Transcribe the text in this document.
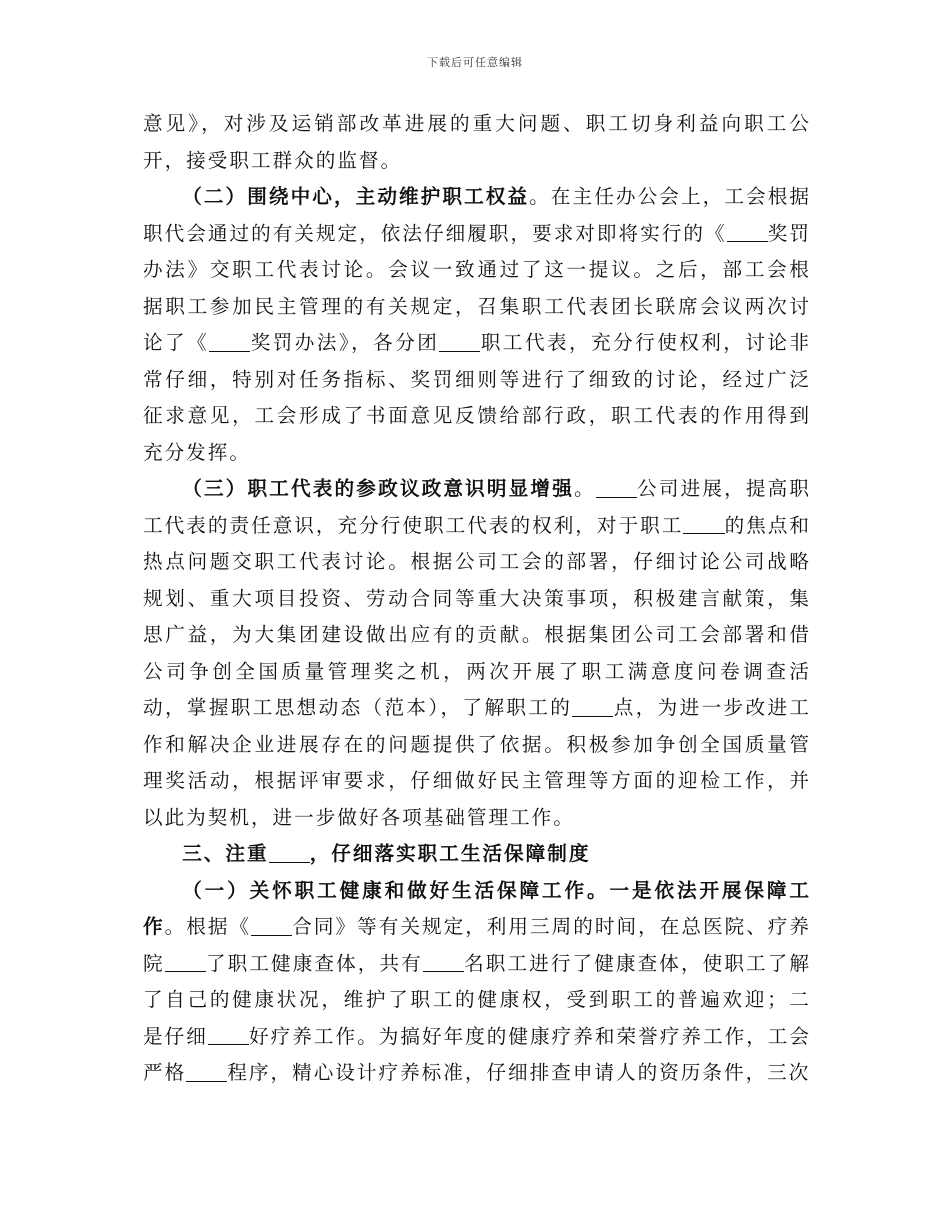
下载后可任意编辑

意见》，对涉及运销部改革进展的重大问题、职工切身利益向职工公开，接受职工群众的监督。

（二）围绕中心，主动维护职工权益。在主任办公会上，工会根据职代会通过的有关规定，依法仔细履职，要求对即将实行的《 奖罚办法》交职工代表讨论。会议一致通过了这一提议。之后，部工会根据职工参加民主管理的有关规定，召集职工代表团长联席会议两次讨论了《 奖罚办法》，各分团 职工代表，充分行使权利，讨论非常仔细，特别对任务指标、奖罚细则等进行了细致的讨论，经过广泛征求意见，工会形成了书面意见反馈给部行政，职工代表的作用得到充分发挥。

（三）职工代表的参政议政意识明显增强。 公司进展，提高职工代表的责任意识，充分行使职工代表的权利，对于职工 的焦点和热点问题交职工代表讨论。根据公司工会的部署，仔细讨论公司战略规划、重大项目投资、劳动合同等重大决策事项，积极建言献策，集思广益，为大集团建设做出应有的贡献。根据集团公司工会部署和借公司争创全国质量管理奖之机，两次开展了职工满意度问卷调查活动，掌握职工思想动态（范本），了解职工的 点，为进一步改进工作和解决企业进展存在的问题提供了依据。积极参加争创全国质量管理奖活动，根据评审要求，仔细做好民主管理等方面的迎检工作，并以此为契机，进一步做好各项基础管理工作。

三、注重 ，仔细落实职工生活保障制度

（一）关怀职工健康和做好生活保障工作。一是依法开展保障工作。根据《 合同》等有关规定，利用三周的时间，在总医院、疗养院 了职工健康查体，共有 名职工进行了健康查体，使职工了解了自己的健康状况，维护了职工的健康权，受到职工的普遍欢迎；二是仔细 好疗养工作。为搞好年度的健康疗养和荣誉疗养工作，工会严格 程序，精心设计疗养标准，仔细排查申请人的资历条件，三次
